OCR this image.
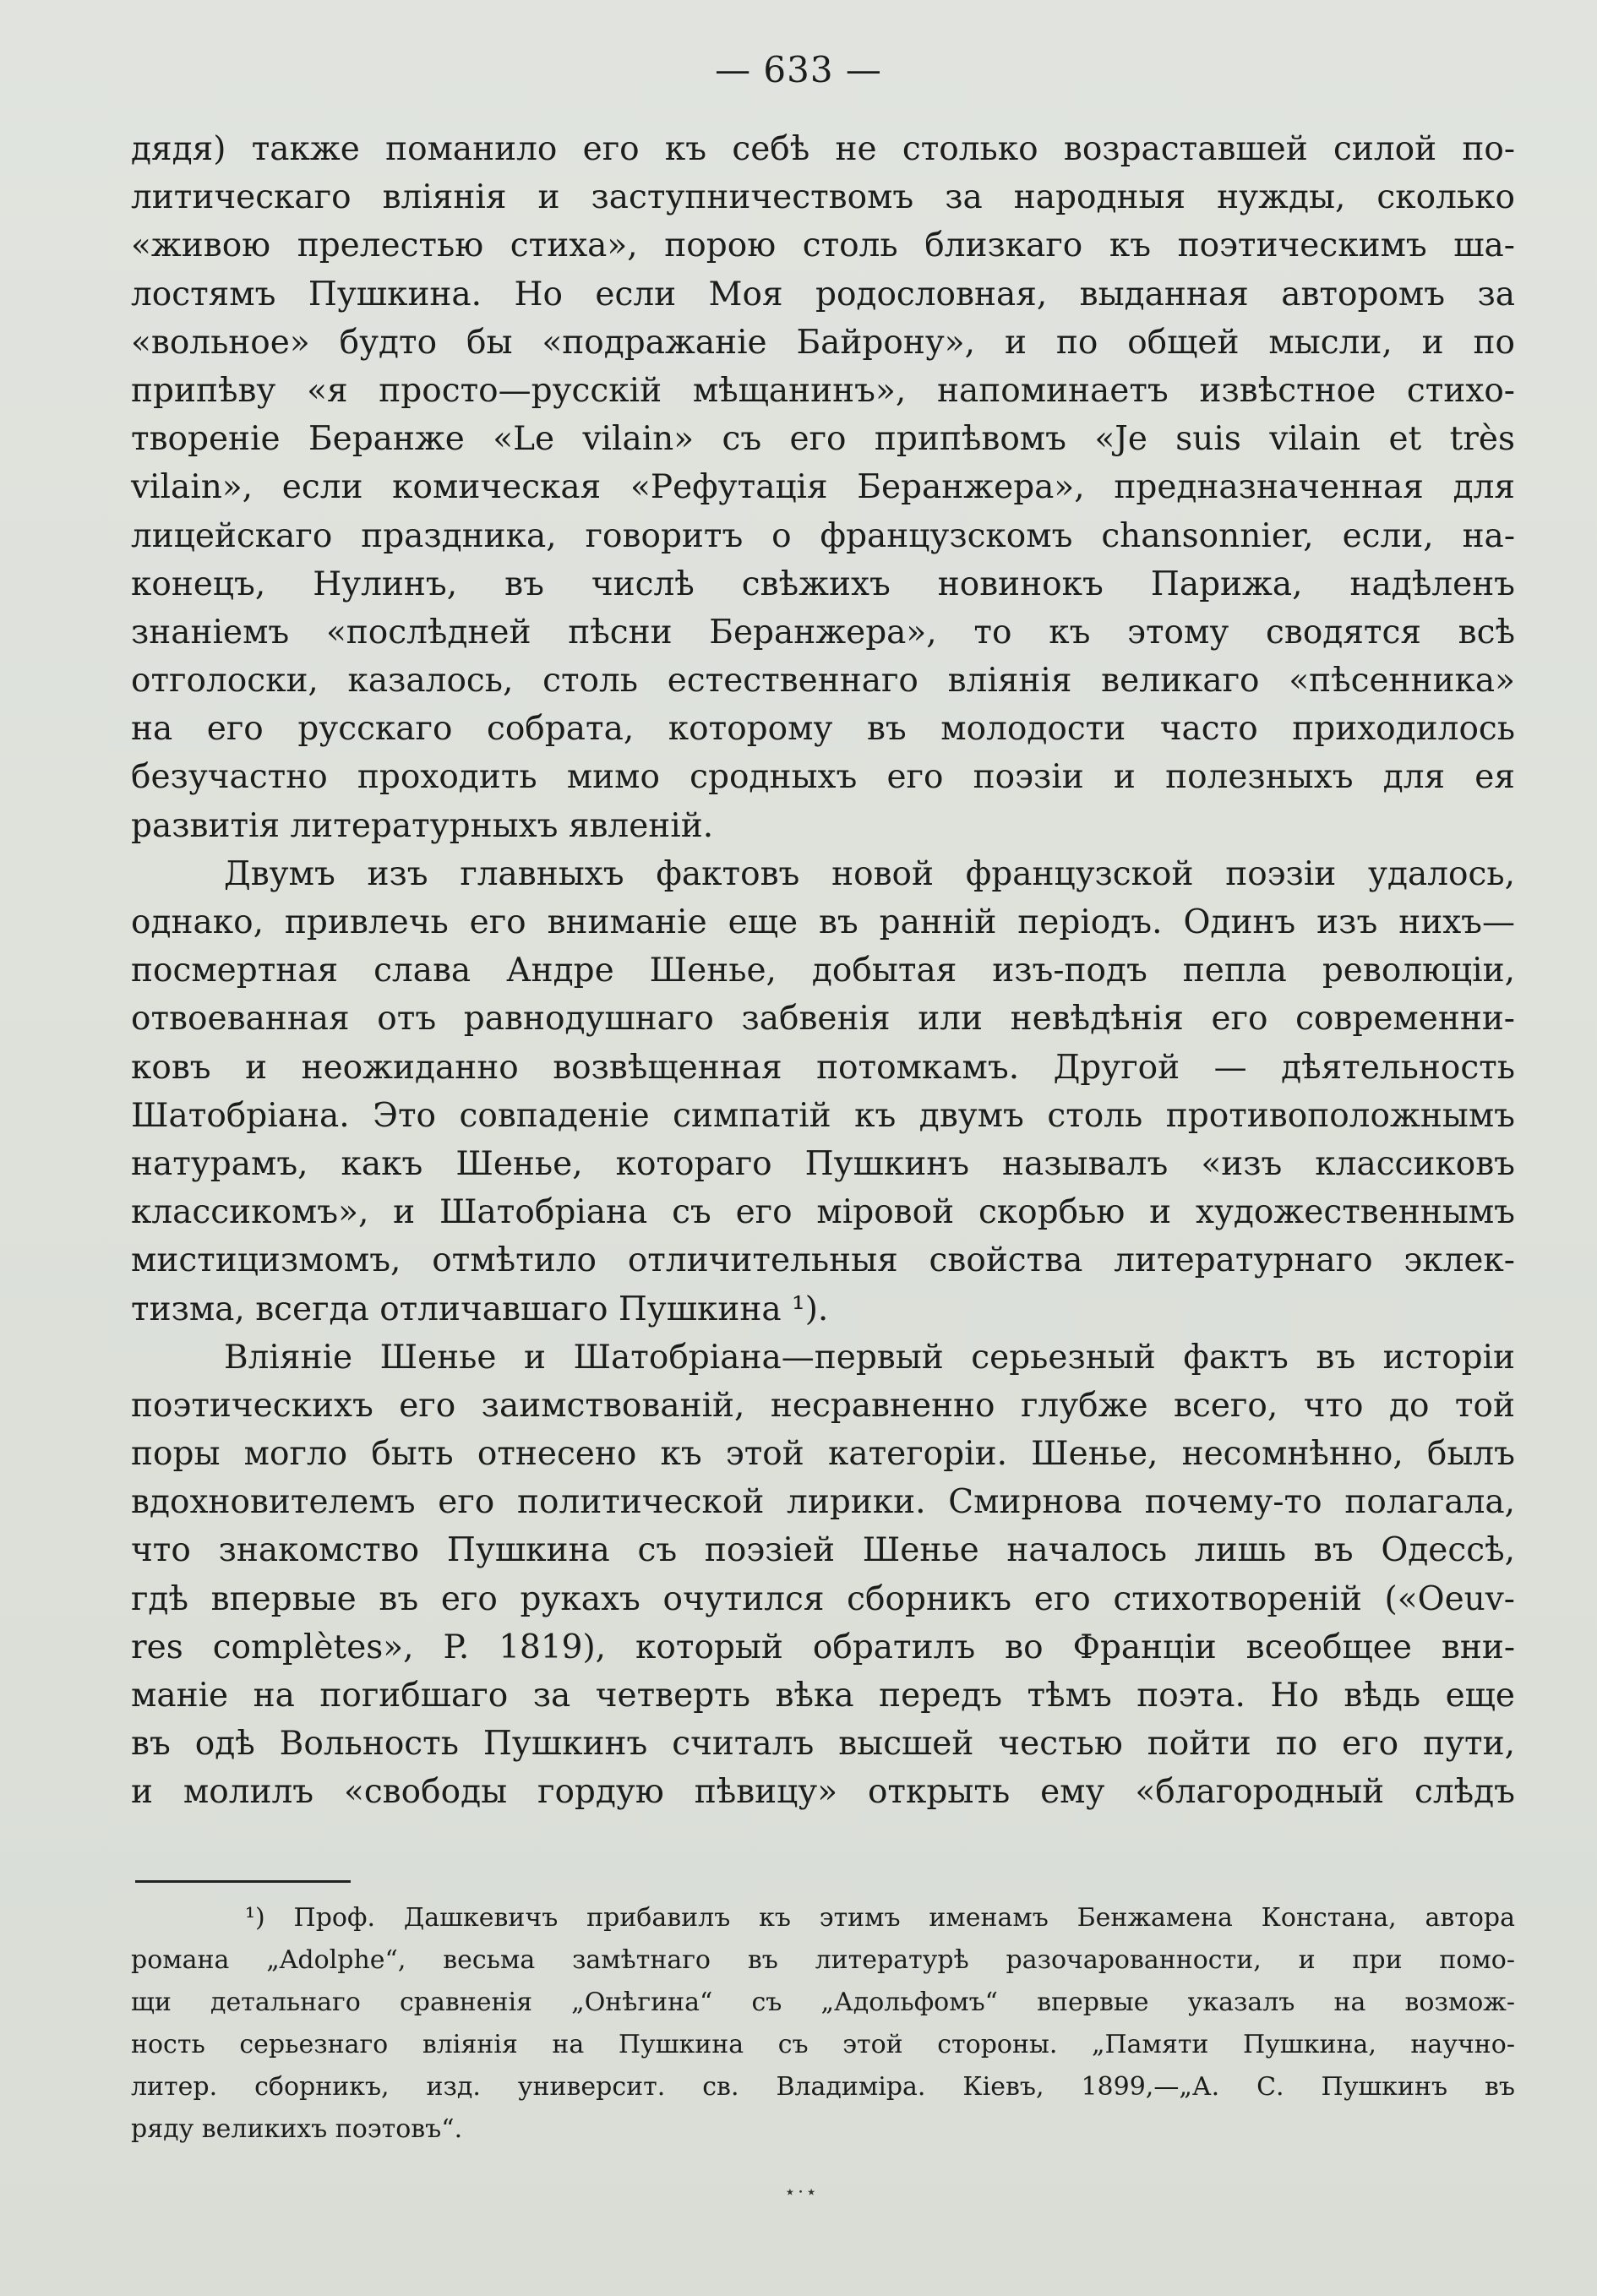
— 633 —
дядя) также поманило его къ себѣ не столько возраставшей силой по-
литическаго вліянія и заступничествомъ за народныя нужды, сколько
«живою прелестью стиха», порою столь близкаго къ поэтическимъ ша-
лостямъ Пушкина. Но если Моя родословная, выданная авторомъ за
«вольное» будто бы «подражаніе Байрону», и по общей мысли, и по
припѣву «я просто—русскій мѣщанинъ», напоминаетъ извѣстное стихо-
твореніе Беранже «Le vilain» съ его припѣвомъ «Je suis vilain et très
vilain», если комическая «Рефутація Беранжера», предназначенная для
лицейскаго праздника, говоритъ о французскомъ chansonnier, если, на-
конецъ, Нулинъ, въ числѣ свѣжихъ новинокъ Парижа, надѣленъ
знаніемъ «послѣдней пѣсни Беранжера», то къ этому сводятся всѣ
отголоски, казалось, столь естественнаго вліянія великаго «пѣсенника»
на его русскаго собрата, которому въ молодости часто приходилось
безучастно проходить мимо сродныхъ его поэзіи и полезныхъ для ея
развитія литературныхъ явленій.
Двумъ изъ главныхъ фактовъ новой французской поэзіи удалось,
однако, привлечь его вниманіе еще въ раннiй періодъ. Одинъ изъ нихъ—
посмертная слава Андре Шенье, добытая изъ-подъ пепла революціи,
отвоеванная отъ равнодушнаго забвенія или невѣдѣнія его современни-
ковъ и неожиданно возвѣщенная потомкамъ. Другой — дѣятельность
Шатобріана. Это совпаденіе симпатій къ двумъ столь противоположнымъ
натурамъ, какъ Шенье, котораго Пушкинъ называлъ «изъ классиковъ
классикомъ», и Шатобріана съ его міровой скорбью и художественнымъ
мистицизмомъ, отмѣтило отличительныя свойства литературнаго эклек-
тизма, всегда отличавшаго Пушкина ¹).
Вліяніе Шенье и Шатобріана—первый серьезный фактъ въ исторіи
поэтическихъ его заимствованій, несравненно глубже всего, что до той
поры могло быть отнесено къ этой категоріи. Шенье, несомнѣнно, былъ
вдохновителемъ его политической лирики. Смирнова почему-то полагала,
что знакомство Пушкина съ поэзіей Шенье началось лишь въ Одессѣ,
гдѣ впервые въ его рукахъ очутился сборникъ его стихотвореній («Oeuv-
res complètes», P. 1819), который обратилъ во Франціи всеобщее вни-
маніе на погибшаго за четверть вѣка передъ тѣмъ поэта. Но вѣдь еще
въ одѣ Вольность Пушкинъ считалъ высшей честью пойти по его пути,
и молилъ «свободы гордую пѣвицу» открыть ему «благородный слѣдъ
¹) Проф. Дашкевичъ прибавилъ къ этимъ именамъ Бенжамена Констана, автора
романа „Adolphe“, весьма замѣтнаго въ литературѣ разочарованности, и при помо-
щи детальнаго сравненія „Онѣгина“ съ „Адольфомъ“ впервые указалъ на возмож-
ность серьезнаго вліянія на Пушкина съ этой стороны. „Памяти Пушкина, научно-
литер. сборникъ, изд. университ. св. Владиміра. Кіевъ, 1899,—„А. С. Пушкинъ въ
ряду великихъ поэтовъ“.
⋆⋅⋆
